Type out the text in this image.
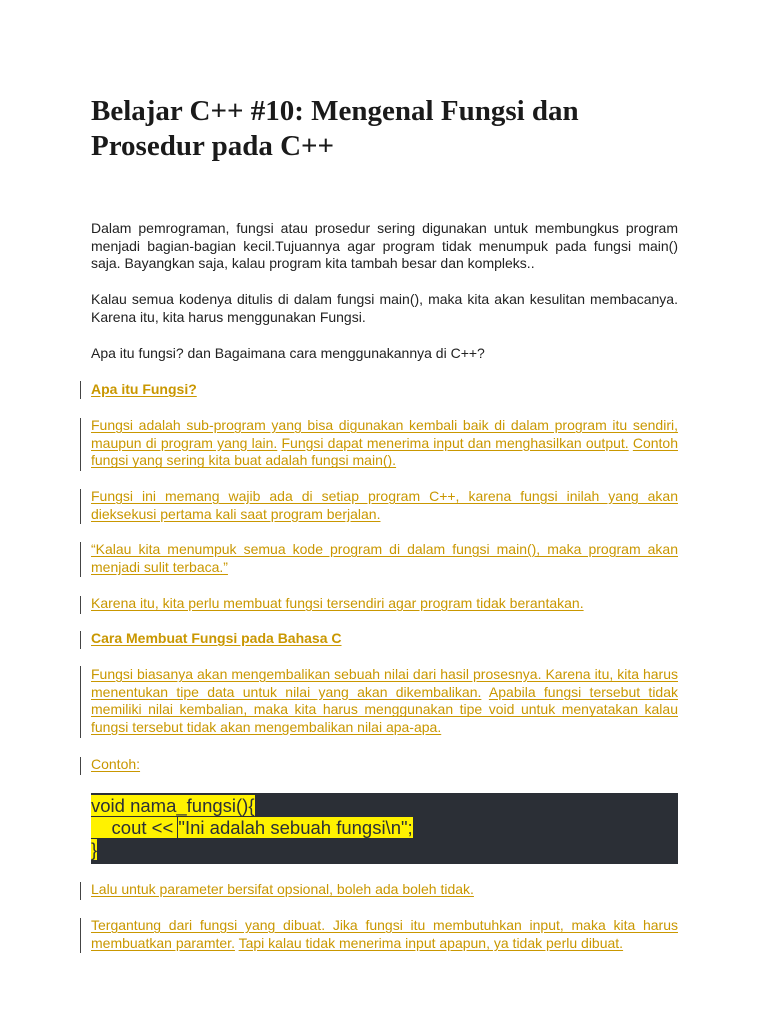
Belajar C++ #10: Mengenal Fungsi dan Prosedur pada C++

Dalam pemrograman, fungsi atau prosedur sering digunakan untuk membungkus program menjadi bagian-bagian kecil.Tujuannya agar program tidak menumpuk pada fungsi main() saja. Bayangkan saja, kalau program kita tambah besar dan kompleks..

Kalau semua kodenya ditulis di dalam fungsi main(), maka kita akan kesulitan membacanya. Karena itu, kita harus menggunakan Fungsi.

Apa itu fungsi? dan Bagaimana cara menggunakannya di C++?

Apa itu Fungsi?

Fungsi adalah sub-program yang bisa digunakan kembali baik di dalam program itu sendiri, maupun di program yang lain. Fungsi dapat menerima input dan menghasilkan output. Contoh fungsi yang sering kita buat adalah fungsi main().

Fungsi ini memang wajib ada di setiap program C++, karena fungsi inilah yang akan dieksekusi pertama kali saat program berjalan.

“Kalau kita menumpuk semua kode program di dalam fungsi main(), maka program akan menjadi sulit terbaca.”

Karena itu, kita perlu membuat fungsi tersendiri agar program tidak berantakan.

Cara Membuat Fungsi pada Bahasa C

Fungsi biasanya akan mengembalikan sebuah nilai dari hasil prosesnya. Karena itu, kita harus menentukan tipe data untuk nilai yang akan dikembalikan. Apabila fungsi tersebut tidak memiliki nilai kembalian, maka kita harus menggunakan tipe void untuk menyatakan kalau fungsi tersebut tidak akan mengembalikan nilai apa-apa.

Contoh:

void nama_fungsi(){
cout << "Ini adalah sebuah fungsi\n";
}

Lalu untuk parameter bersifat opsional, boleh ada boleh tidak.

Tergantung dari fungsi yang dibuat. Jika fungsi itu membutuhkan input, maka kita harus membuatkan paramter. Tapi kalau tidak menerima input apapun, ya tidak perlu dibuat.
